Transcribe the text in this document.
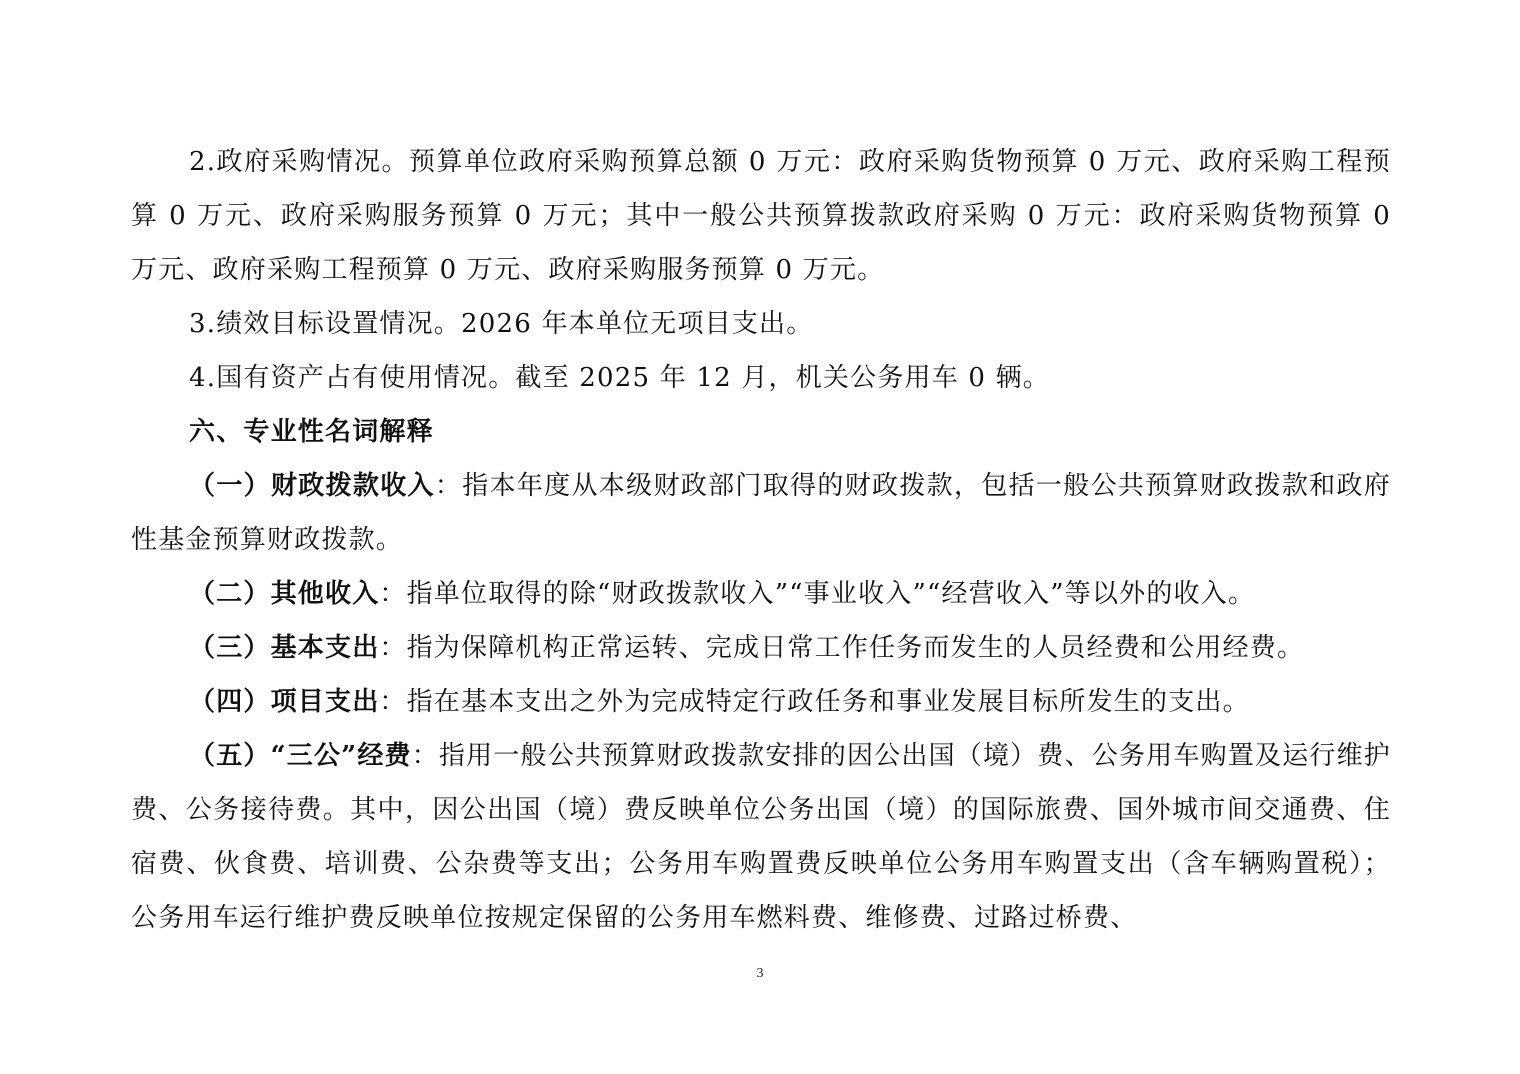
2.政府采购情况。预算单位政府采购预算总额 0 万元：政府采购货物预算 0 万元、政府采购工程预算 0 万元、政府采购服务预算 0 万元；其中一般公共预算拨款政府采购 0 万元：政府采购货物预算 0 万元、政府采购工程预算 0 万元、政府采购服务预算 0 万元。

3.绩效目标设置情况。2026 年本单位无项目支出。

4.国有资产占有使用情况。截至 2025 年 12 月，机关公务用车 0 辆。

六、专业性名词解释

（一）财政拨款收入：指本年度从本级财政部门取得的财政拨款，包括一般公共预算财政拨款和政府性基金预算财政拨款。

（二）其他收入：指单位取得的除“财政拨款收入”“事业收入”“经营收入”等以外的收入。

（三）基本支出：指为保障机构正常运转、完成日常工作任务而发生的人员经费和公用经费。

（四）项目支出：指在基本支出之外为完成特定行政任务和事业发展目标所发生的支出。

（五）“三公”经费：指用一般公共预算财政拨款安排的因公出国（境）费、公务用车购置及运行维护费、公务接待费。其中，因公出国（境）费反映单位公务出国（境）的国际旅费、国外城市间交通费、住宿费、伙食费、培训费、公杂费等支出；公务用车购置费反映单位公务用车购置支出（含车辆购置税）；公务用车运行维护费反映单位按规定保留的公务用车燃料费、维修费、过路过桥费、

3
